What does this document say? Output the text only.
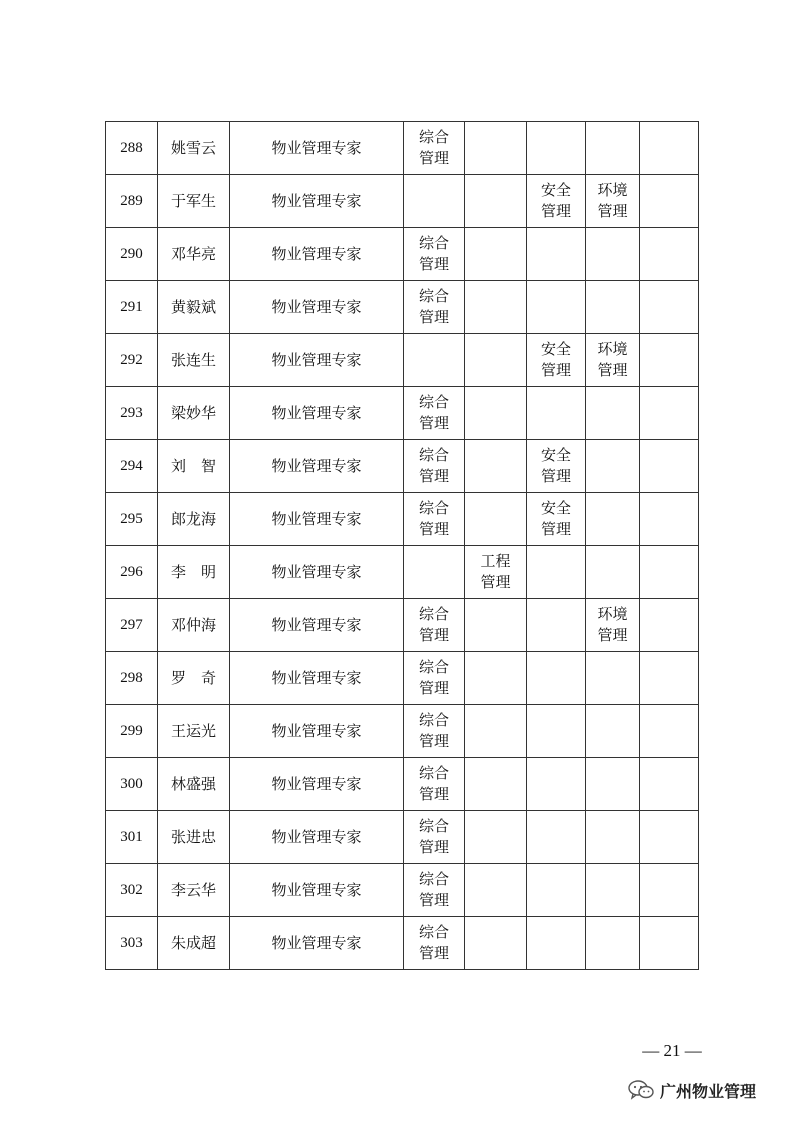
288	姚雪云	物业管理专家	综合管理				
289	于军生	物业管理专家			安全管理	环境管理	
290	邓华亮	物业管理专家	综合管理				
291	黄毅斌	物业管理专家	综合管理				
292	张连生	物业管理专家			安全管理	环境管理	
293	梁妙华	物业管理专家	综合管理				
294	刘　智	物业管理专家	综合管理		安全管理		
295	郎龙海	物业管理专家	综合管理		安全管理		
296	李　明	物业管理专家		工程管理			
297	邓仲海	物业管理专家	综合管理			环境管理	
298	罗　奇	物业管理专家	综合管理				
299	王运光	物业管理专家	综合管理				
300	林盛强	物业管理专家	综合管理				
301	张进忠	物业管理专家	综合管理				
302	李云华	物业管理专家	综合管理				
303	朱成超	物业管理专家	综合管理				
— 21 —
广州物业管理
